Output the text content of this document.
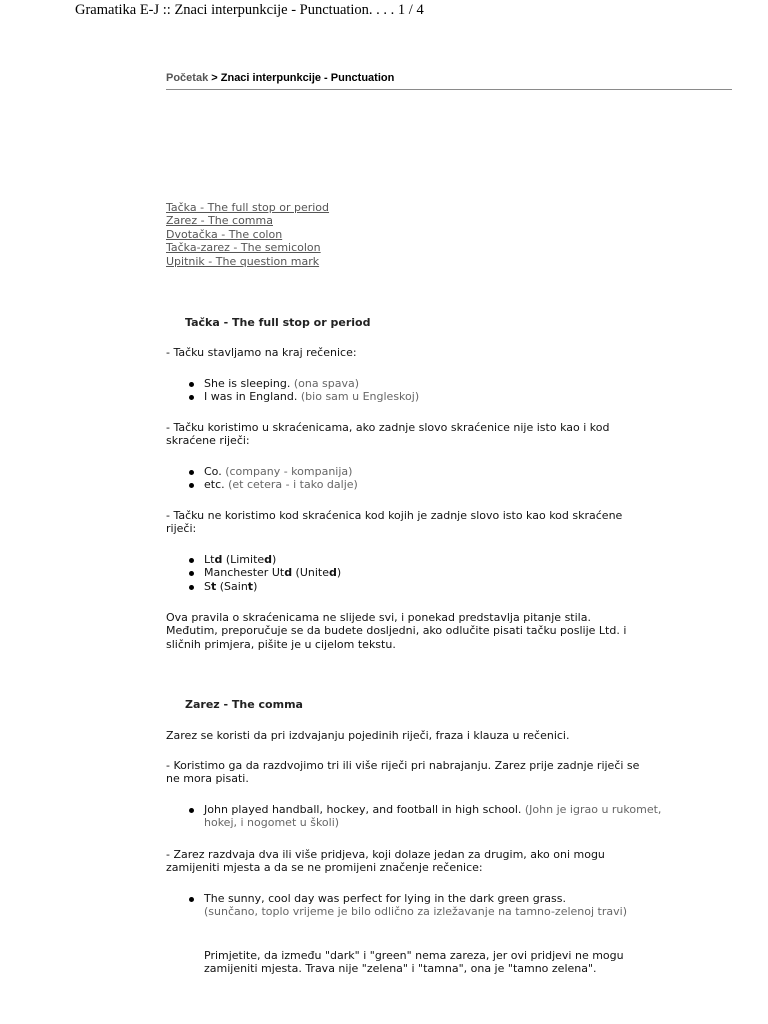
Gramatika E-J :: Znaci interpunkcije - Punctuation. . . . 1 / 4
Početak > Znaci interpunkcije - Punctuation
Tačka - The full stop or period
Zarez - The comma
Dvotačka - The colon
Tačka-zarez - The semicolon
Upitnik - The question mark
Tačka - The full stop or period
- Tačku stavljamo na kraj rečenice:
She is sleeping. (ona spava)
I was in England. (bio sam u Engleskoj)
- Tačku koristimo u skraćenicama, ako zadnje slovo skraćenice nije isto kao i kod skraćene riječi:
Co. (company - kompanija)
etc. (et cetera - i tako dalje)
- Tačku ne koristimo kod skraćenica kod kojih je zadnje slovo isto kao kod skraćene riječi:
Ltd (Limited)
Manchester Utd (United)
St (Saint)
Ova pravila o skraćenicama ne slijede svi, i ponekad predstavlja pitanje stila. Međutim, preporučuje se da budete dosljedni, ako odlučite pisati tačku poslije Ltd. i sličnih primjera, pišite je u cijelom tekstu.
Zarez - The comma
Zarez se koristi da pri izdvajanju pojedinih riječi, fraza i klauza u rečenici.
- Koristimo ga da razdvojimo tri ili više riječi pri nabrajanju. Zarez prije zadnje riječi se ne mora pisati.
John played handball, hockey, and football in high school. (John je igrao u rukomet, hokej, i nogomet u školi)
- Zarez razdvaja dva ili više pridjeva, koji dolaze jedan za drugim, ako oni mogu zamijeniti mjesta a da se ne promijeni značenje rečenice:
The sunny, cool day was perfect for lying in the dark green grass.
(sunčano, toplo vrijeme je bilo odlično za izležavanje na tamno-zelenoj travi)
Primjetite, da između "dark" i "green" nema zareza, jer ovi pridjevi ne mogu zamijeniti mjesta. Trava nije "zelena" i "tamna", ona je "tamno zelena".
